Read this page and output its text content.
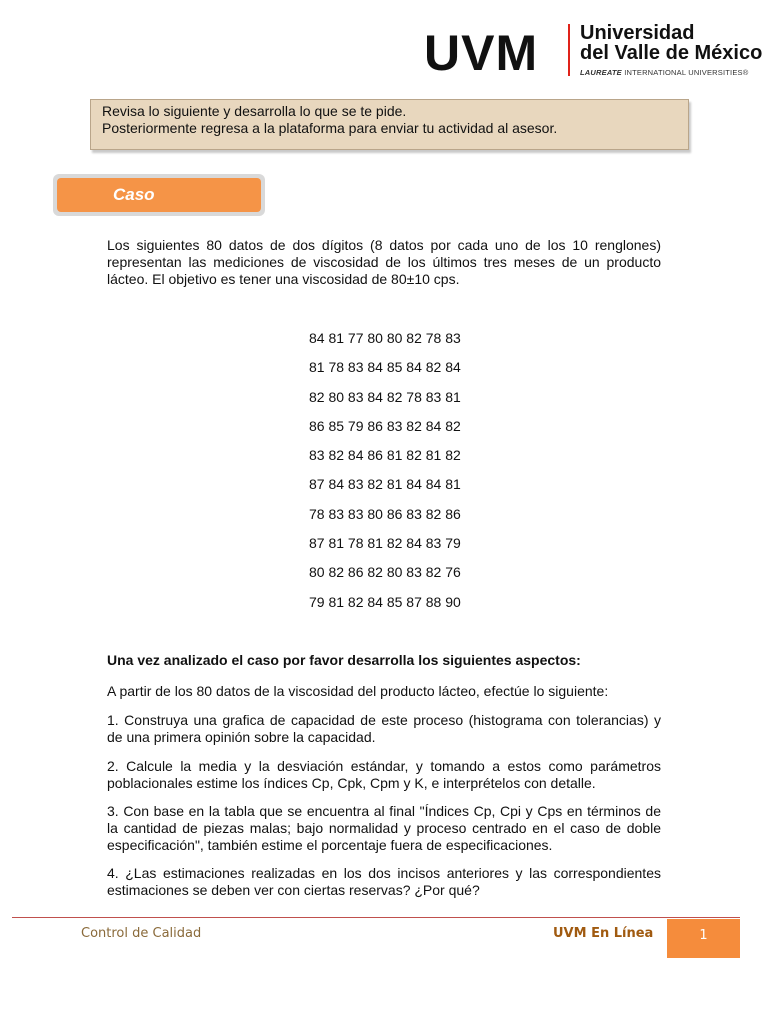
UVM Universidad
del Valle de México
LAUREATE INTERNATIONAL UNIVERSITIES®
Revisa lo siguiente y desarrolla lo que se te pide.
Posteriormente regresa a la plataforma para enviar tu actividad al asesor.
Caso
Los siguientes 80 datos de dos dígitos (8 datos por cada uno de los 10 renglones) representan las mediciones de viscosidad de los últimos tres meses de un producto lácteo. El objetivo es tener una viscosidad de 80±10 cps.
84 81 77 80 80 82 78 83
81 78 83 84 85 84 82 84
82 80 83 84 82 78 83 81
86 85 79 86 83 82 84 82
83 82 84 86 81 82 81 82
87 84 83 82 81 84 84 81
78 83 83 80 86 83 82 86
87 81 78 81 82 84 83 79
80 82 86 82 80 83 82 76
79 81 82 84 85 87 88 90
Una vez analizado el caso por favor desarrolla los siguientes aspectos:
A partir de los 80 datos de la viscosidad del producto lácteo, efectúe lo siguiente:
1. Construya una grafica de capacidad de este proceso (histograma con tolerancias) y de una primera opinión sobre la capacidad.
2. Calcule la media y la desviación estándar, y tomando a estos como parámetros poblacionales estime los índices Cp, Cpk, Cpm y K, e interprételos con detalle.
3. Con base en la tabla que se encuentra al final "Índices Cp, Cpi y Cps en términos de la cantidad de piezas malas; bajo normalidad y proceso centrado en el caso de doble especificación", también estime el porcentaje fuera de especificaciones.
4. ¿Las estimaciones realizadas en los dos incisos anteriores y las correspondientes estimaciones se deben ver con ciertas reservas? ¿Por qué?
Control de Calidad	UVM En Línea	1
